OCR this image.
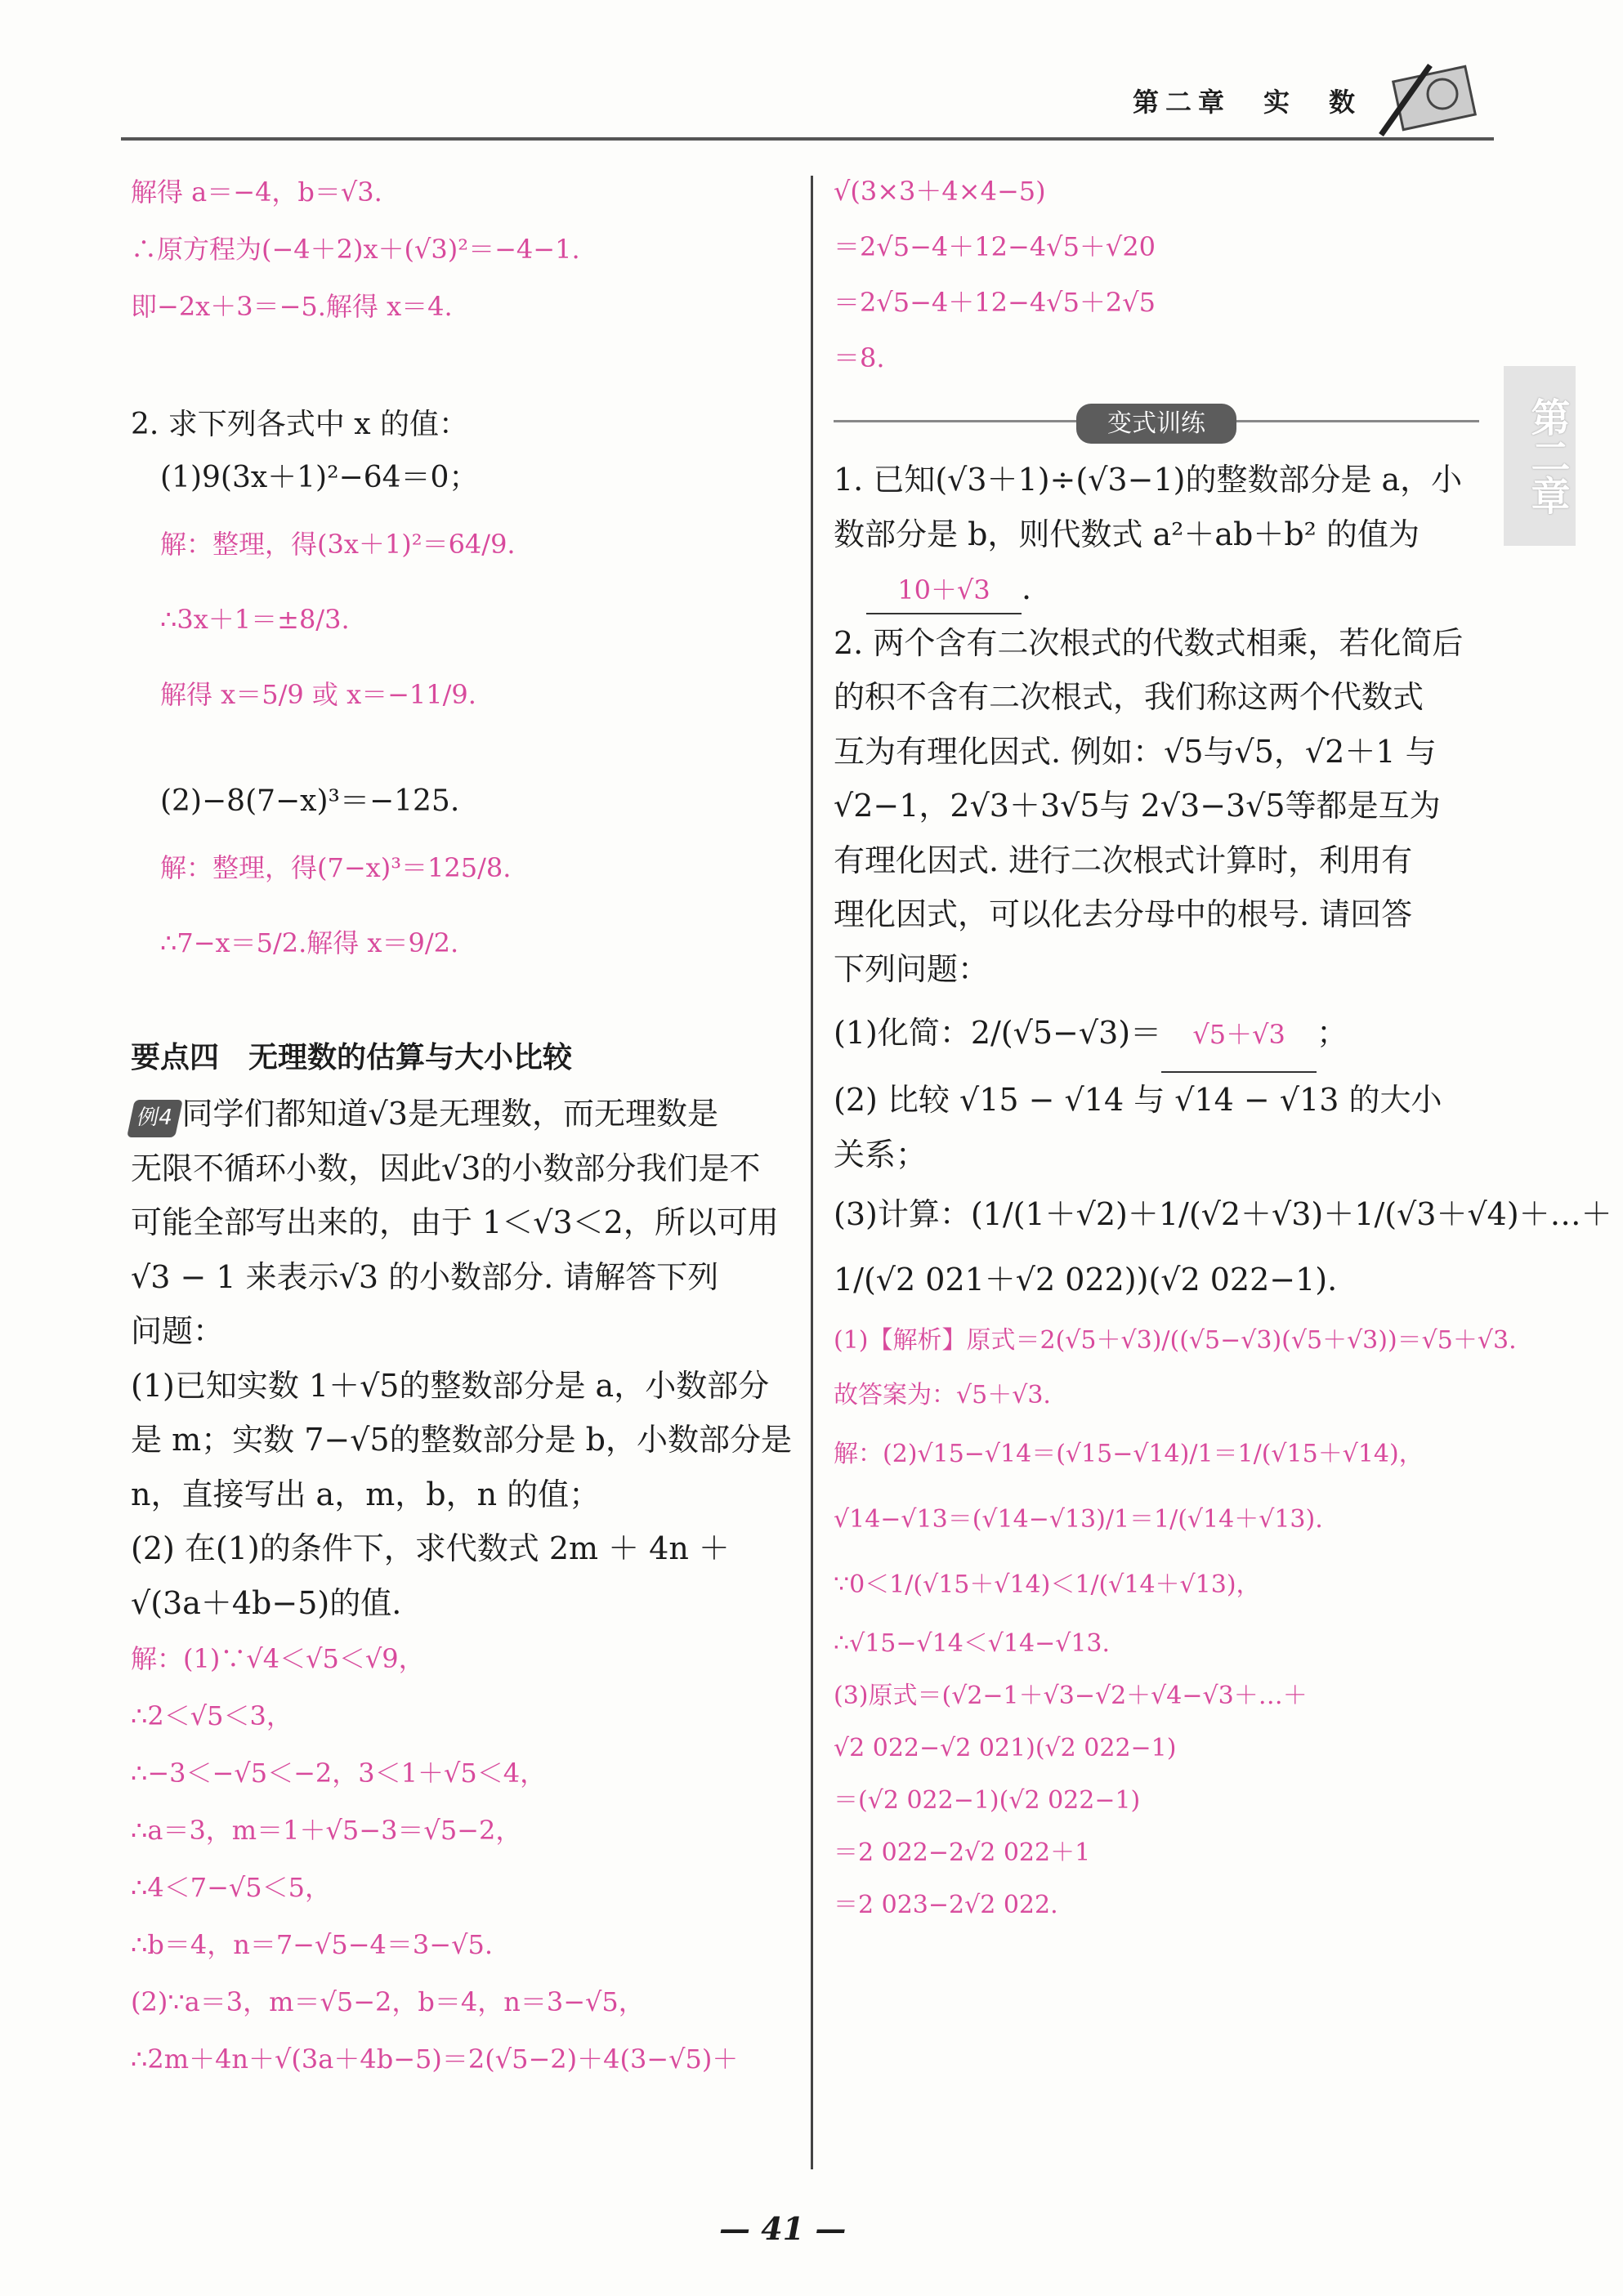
第二章　实　数
第二章
解得 a＝−4，b＝√3.
∴原方程为(−4＋2)x＋(√3)²＝−4−1.
即−2x＋3＝−5.解得 x＝4.
2. 求下列各式中 x 的值：
(1)9(3x＋1)²−64＝0；
解：整理，得(3x＋1)²＝64/9.
∴3x＋1＝±8/3.
解得 x＝5/9 或 x＝−11/9.
(2)−8(7−x)³＝−125.
解：整理，得(7−x)³＝125/8.
∴7−x＝5/2.解得 x＝9/2.
要点四　无理数的估算与大小比较
例4 同学们都知道√3是无理数，而无理数是
无限不循环小数，因此√3的小数部分我们是不
可能全部写出来的，由于 1＜√3＜2，所以可用
√3 − 1 来表示√3 的小数部分. 请解答下列
问题：
(1)已知实数 1＋√5的整数部分是 a，小数部分
是 m；实数 7−√5的整数部分是 b，小数部分是
n，直接写出 a，m，b，n 的值；
(2) 在(1)的条件下，求代数式 2m ＋ 4n ＋
√(3a＋4b−5)的值.
解：(1)∵√4＜√5＜√9，
∴2＜√5＜3，
∴−3＜−√5＜−2，3＜1＋√5＜4，
∴a＝3，m＝1＋√5−3＝√5−2，
∴4＜7−√5＜5，
∴b＝4，n＝7−√5−4＝3−√5.
(2)∵a＝3，m＝√5−2，b＝4，n＝3−√5，
∴2m＋4n＋√(3a＋4b−5)＝2(√5−2)＋4(3−√5)＋
√(3×3＋4×4−5)
＝2√5−4＋12−4√5＋√20
＝2√5−4＋12−4√5＋2√5
＝8.
变式训练
1. 已知(√3＋1)÷(√3−1)的整数部分是 a，小
数部分是 b，则代数式 a²＋ab＋b² 的值为
10＋√3 .
2. 两个含有二次根式的代数式相乘，若化简后
的积不含有二次根式，我们称这两个代数式
互为有理化因式. 例如：√5与√5，√2＋1 与
√2−1，2√3＋3√5与 2√3−3√5等都是互为
有理化因式. 进行二次根式计算时，利用有
理化因式，可以化去分母中的根号. 请回答
下列问题：
(1)化简：2/(√5−√3)＝ √5＋√3 ；
(2) 比较 √15 − √14 与 √14 − √13 的大小
关系；
(3)计算：(1/(1＋√2)＋1/(√2＋√3)＋1/(√3＋√4)＋…＋
1/(√2 021＋√2 022))(√2 022−1).
(1)【解析】原式＝2(√5＋√3)/((√5−√3)(√5＋√3))＝√5＋√3.
故答案为：√5＋√3.
解：(2)√15−√14＝(√15−√14)/1＝1/(√15＋√14)，
√14−√13＝(√14−√13)/1＝1/(√14＋√13).
∵0＜1/(√15＋√14)＜1/(√14＋√13)，
∴√15−√14＜√14−√13.
(3)原式＝(√2−1＋√3−√2＋√4−√3＋…＋
√2 022−√2 021)(√2 022−1)
＝(√2 022−1)(√2 022−1)
＝2 022−2√2 022＋1
＝2 023−2√2 022.
— 41 —
